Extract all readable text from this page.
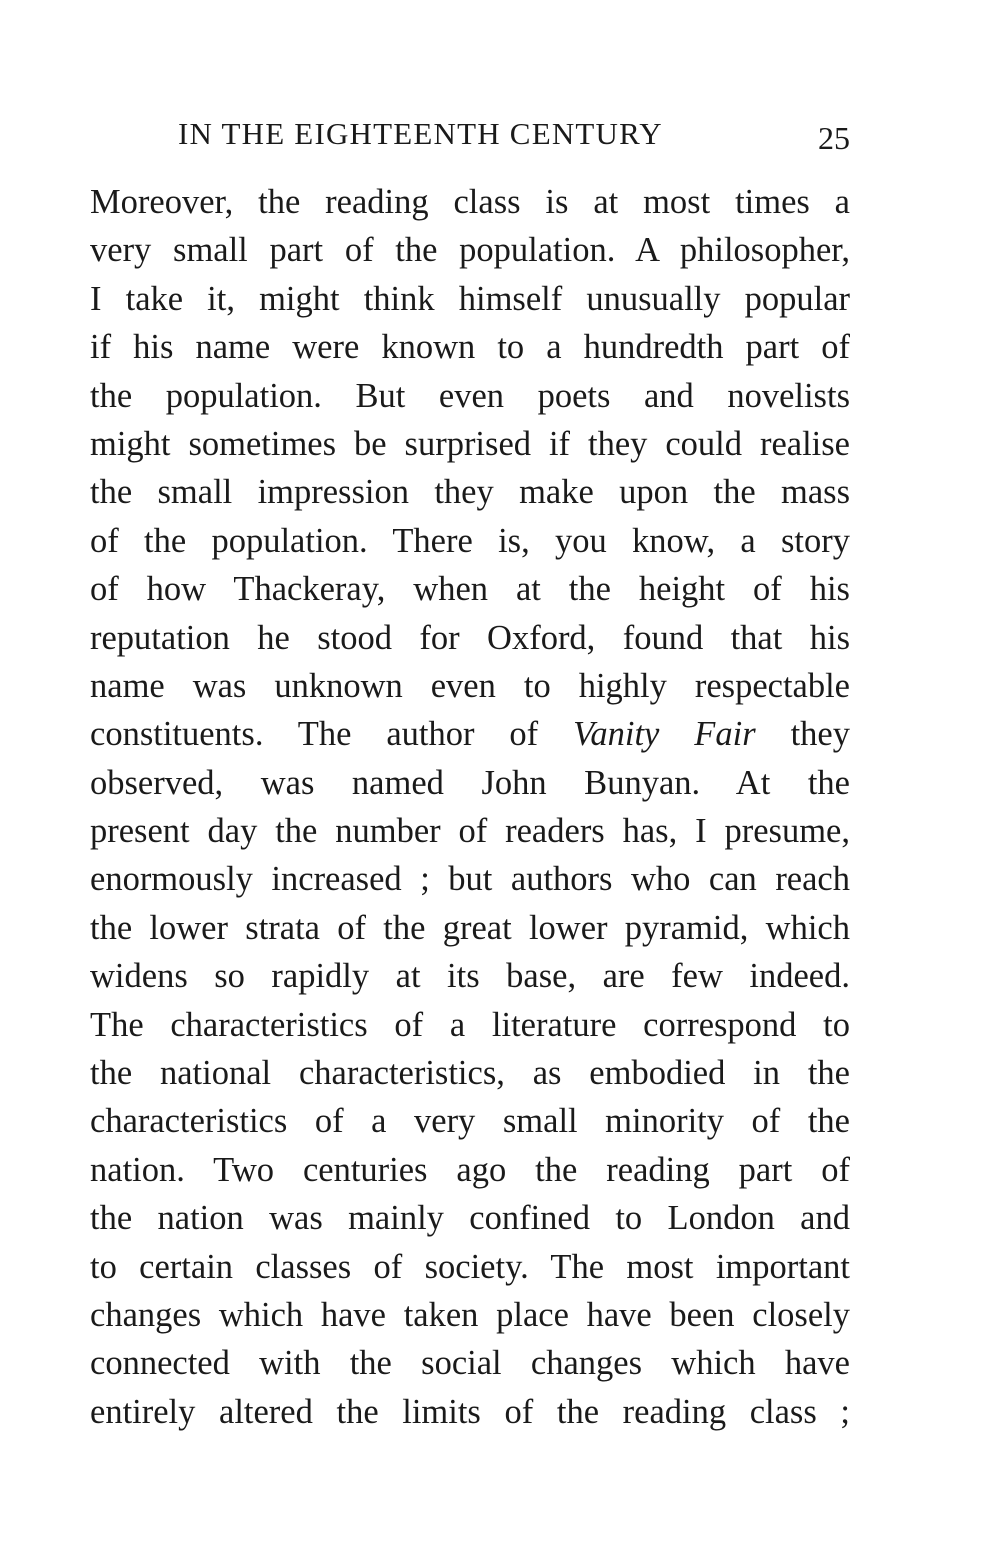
IN THE EIGHTEENTH CENTURY	25
Moreover, the reading class is at most times a
very small part of the population. A philosopher,
I take it, might think himself unusually popular
if his name were known to a hundredth part of
the population. But even poets and novelists
might sometimes be surprised if they could realise
the small impression they make upon the mass
of the population. There is, you know, a story
of how Thackeray, when at the height of his
reputation he stood for Oxford, found that his
name was unknown even to highly respectable
constituents. The author of Vanity Fair they
observed, was named John Bunyan. At the
present day the number of readers has, I presume,
enormously increased ; but authors who can reach
the lower strata of the great lower pyramid, which
widens so rapidly at its base, are few indeed.
The characteristics of a literature correspond to
the national characteristics, as embodied in the
characteristics of a very small minority of the
nation. Two centuries ago the reading part of
the nation was mainly confined to London and
to certain classes of society. The most important
changes which have taken place have been closely
connected with the social changes which have
entirely altered the limits of the reading class ;
